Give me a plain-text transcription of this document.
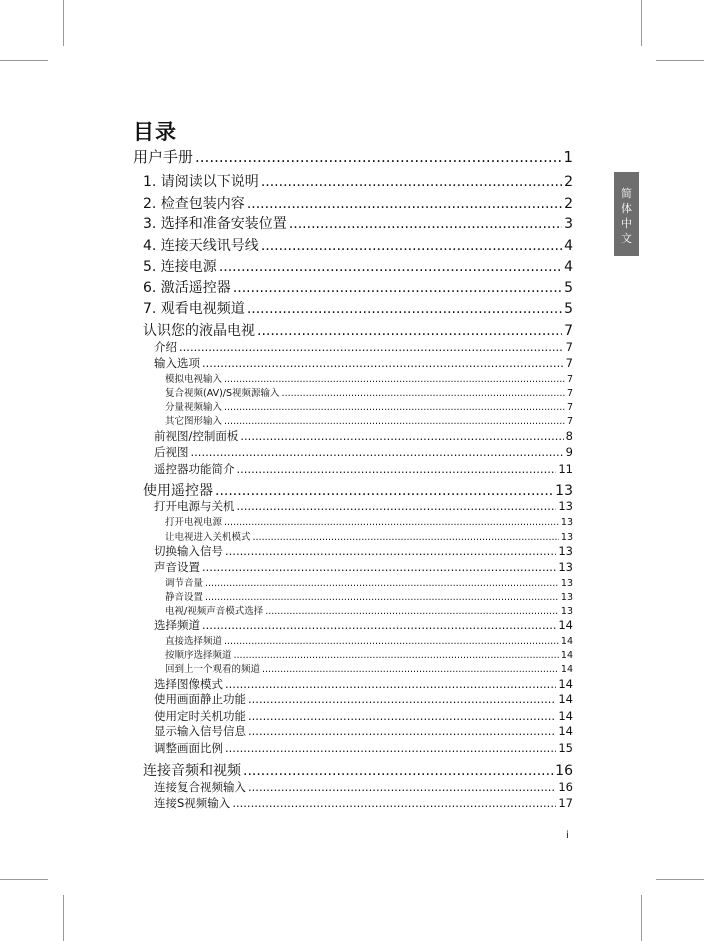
简
体
中
文
目录
用户手册 .....	1
1. 请阅读以下说明 .....	2
2. 检查包装内容 .....	2
3. 选择和准备安装位置 .....	3
4. 连接天线讯号线 .....	4
5. 连接电源 .....	4
6. 激活遥控器 .....	5
7. 观看电视频道 .....	5
认识您的液晶电视 .....	7
介绍 .....	7
输入选项 .....	7
模拟电视输入 .....	7
复合视频(AV)/S视频源输入 .....	7
分量视频输入 .....	7
其它图形输入 .....	7
前视图/控制面板 .....	8
后视图 .....	9
遥控器功能简介 .....	11
使用遥控器 .....	13
打开电源与关机 .....	13
打开电视电源 .....	13
让电视进入关机模式 .....	13
切换输入信号 .....	13
声音设置 .....	13
调节音量 .....	13
静音设置 .....	13
电视/视频声音模式选择 .....	13
选择频道 .....	14
直接选择频道 .....	14
按顺序选择频道 .....	14
回到上一个观看的频道 .....	14
选择图像模式 .....	14
使用画面静止功能 .....	14
使用定时关机功能 .....	14
显示输入信号信息 .....	14
调整画面比例 .....	15
连接音频和视频 .....	16
连接复合视频输入 .....	16
连接S视频输入 .....	17
i
